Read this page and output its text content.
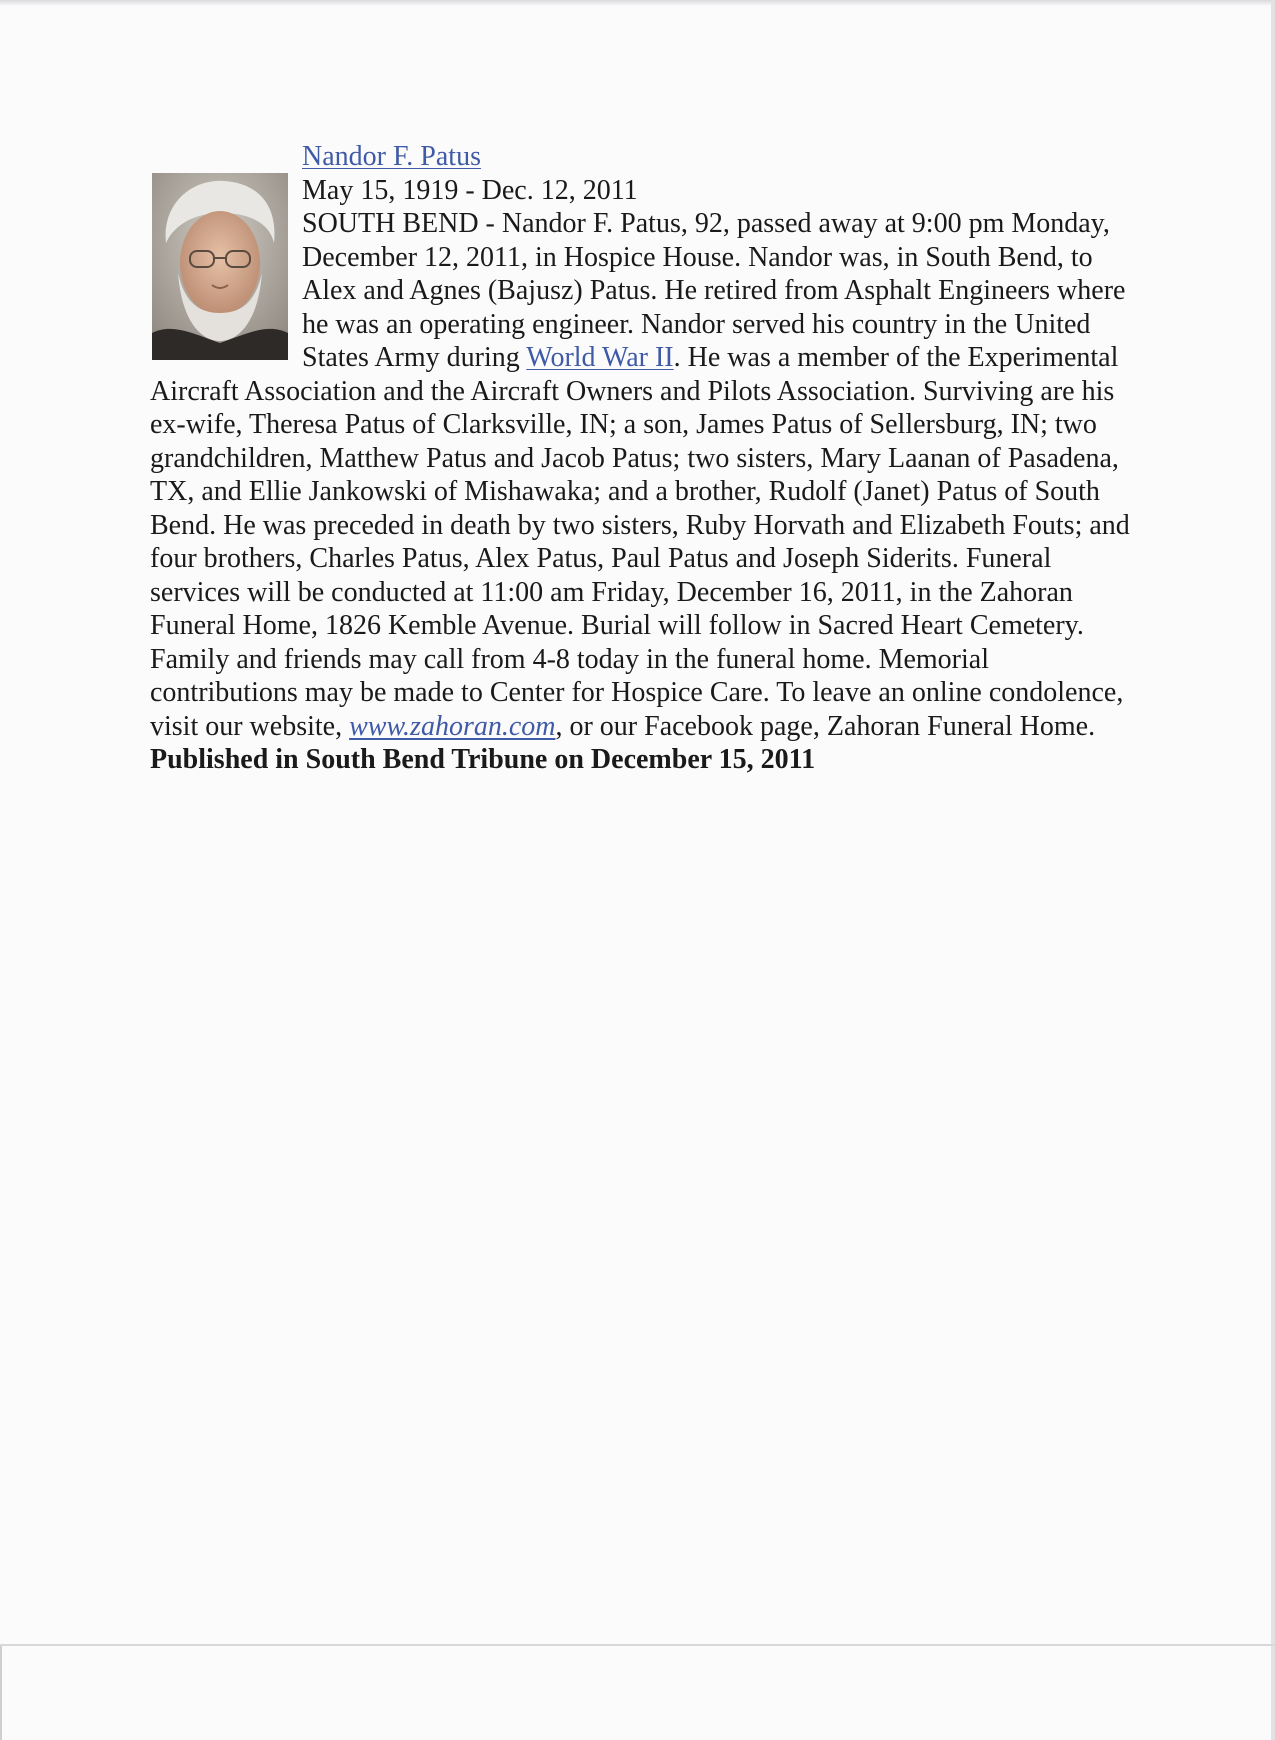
Nandor F. Patus
May 15, 1919 - Dec. 12, 2011
SOUTH BEND - Nandor F. Patus, 92, passed away at 9:00 pm Monday, December 12, 2011, in Hospice House. Nandor was, in South Bend, to Alex and Agnes (Bajusz) Patus. He retired from Asphalt Engineers where he was an operating engineer. Nandor served his country in the United States Army during World War II. He was a member of the Experimental Aircraft Association and the Aircraft Owners and Pilots Association. Surviving are his ex-wife, Theresa Patus of Clarksville, IN; a son, James Patus of Sellersburg, IN; two grandchildren, Matthew Patus and Jacob Patus; two sisters, Mary Laanan of Pasadena, TX, and Ellie Jankowski of Mishawaka; and a brother, Rudolf (Janet) Patus of South Bend. He was preceded in death by two sisters, Ruby Horvath and Elizabeth Fouts; and four brothers, Charles Patus, Alex Patus, Paul Patus and Joseph Siderits. Funeral services will be conducted at 11:00 am Friday, December 16, 2011, in the Zahoran Funeral Home, 1826 Kemble Avenue. Burial will follow in Sacred Heart Cemetery. Family and friends may call from 4-8 today in the funeral home. Memorial contributions may be made to Center for Hospice Care. To leave an online condolence, visit our website, www.zahoran.com, or our Facebook page, Zahoran Funeral Home.
Published in South Bend Tribune on December 15, 2011
